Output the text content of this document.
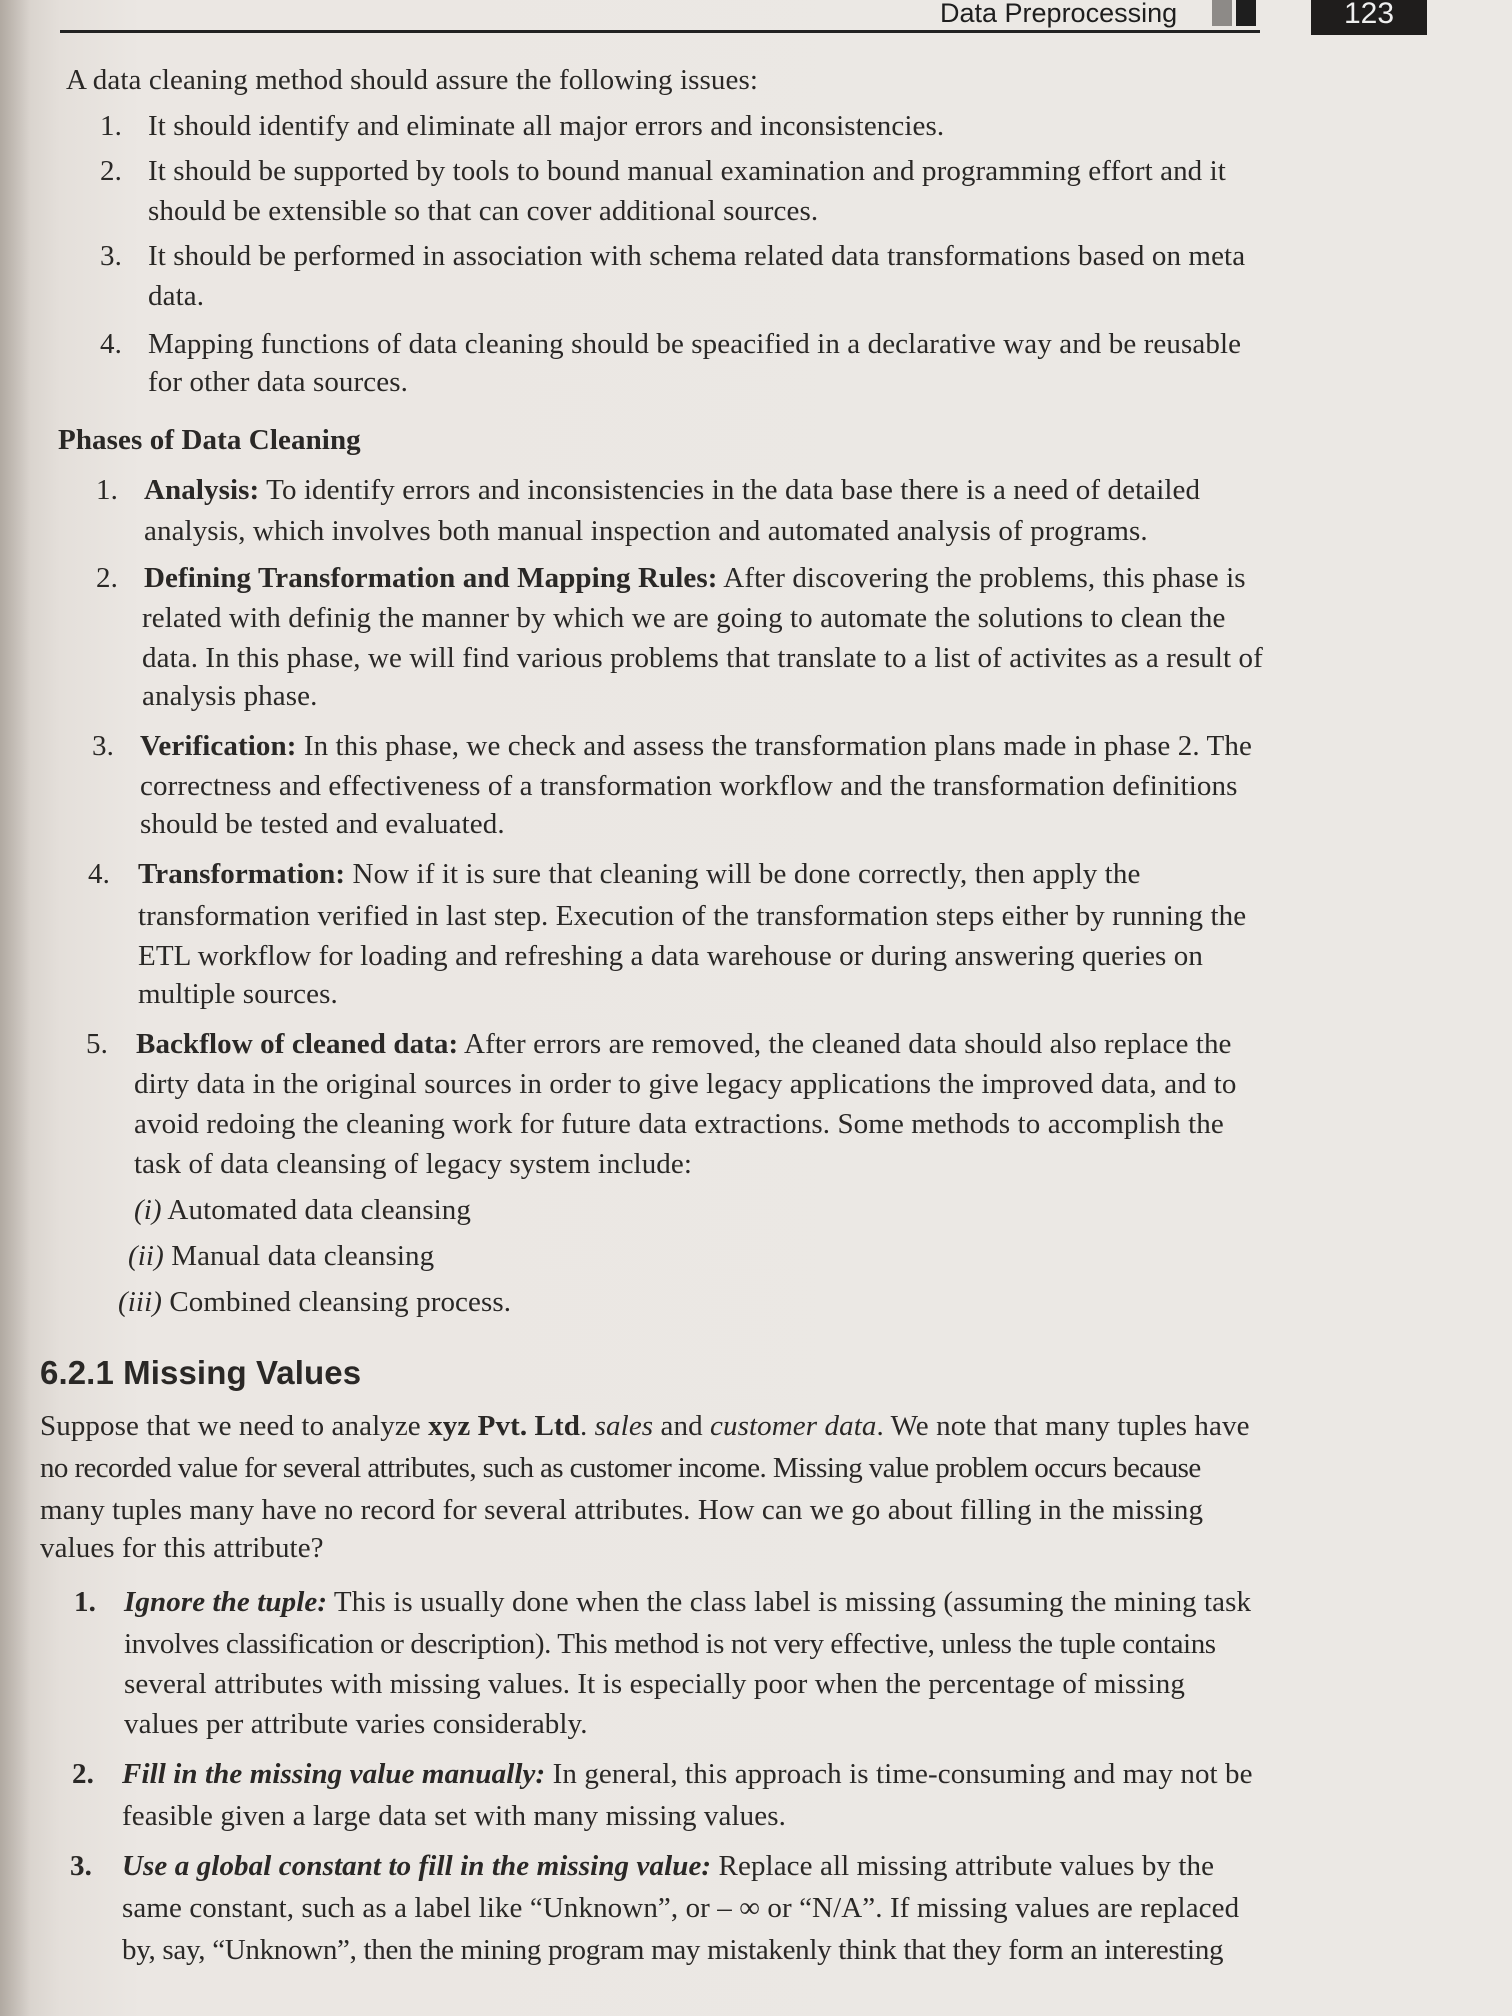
Data Preprocessing	123
A data cleaning method should assure the following issues:
1. It should identify and eliminate all major errors and inconsistencies.
2. It should be supported by tools to bound manual examination and programming effort and it
should be extensible so that can cover additional sources.
3. It should be performed in association with schema related data transformations based on meta
data.
4. Mapping functions of data cleaning should be speacified in a declarative way and be reusable
for other data sources.
Phases of Data Cleaning
1. Analysis: To identify errors and inconsistencies in the data base there is a need of detailed
analysis, which involves both manual inspection and automated analysis of programs.
2. Defining Transformation and Mapping Rules: After discovering the problems, this phase is
related with definig the manner by which we are going to automate the solutions to clean the
data. In this phase, we will find various problems that translate to a list of activites as a result of
analysis phase.
3. Verification: In this phase, we check and assess the transformation plans made in phase 2. The
correctness and effectiveness of a transformation workflow and the transformation definitions
should be tested and evaluated.
4. Transformation: Now if it is sure that cleaning will be done correctly, then apply the
transformation verified in last step. Execution of the transformation steps either by running the
ETL workflow for loading and refreshing a data warehouse or during answering queries on
multiple sources.
5. Backflow of cleaned data: After errors are removed, the cleaned data should also replace the
dirty data in the original sources in order to give legacy applications the improved data, and to
avoid redoing the cleaning work for future data extractions. Some methods to accomplish the
task of data cleansing of legacy system include:
(i) Automated data cleansing
(ii) Manual data cleansing
(iii) Combined cleansing process.
6.2.1 Missing Values
Suppose that we need to analyze xyz Pvt. Ltd. sales and customer data. We note that many tuples have
no recorded value for several attributes, such as customer income. Missing value problem occurs because
many tuples many have no record for several attributes. How can we go about filling in the missing
values for this attribute?
1. Ignore the tuple: This is usually done when the class label is missing (assuming the mining task
involves classification or description). This method is not very effective, unless the tuple contains
several attributes with missing values. It is especially poor when the percentage of missing
values per attribute varies considerably.
2. Fill in the missing value manually: In general, this approach is time-consuming and may not be
feasible given a large data set with many missing values.
3. Use a global constant to fill in the missing value: Replace all missing attribute values by the
same constant, such as a label like “Unknown”, or – ∞ or “N/A”. If missing values are replaced
by, say, “Unknown”, then the mining program may mistakenly think that they form an interesting
